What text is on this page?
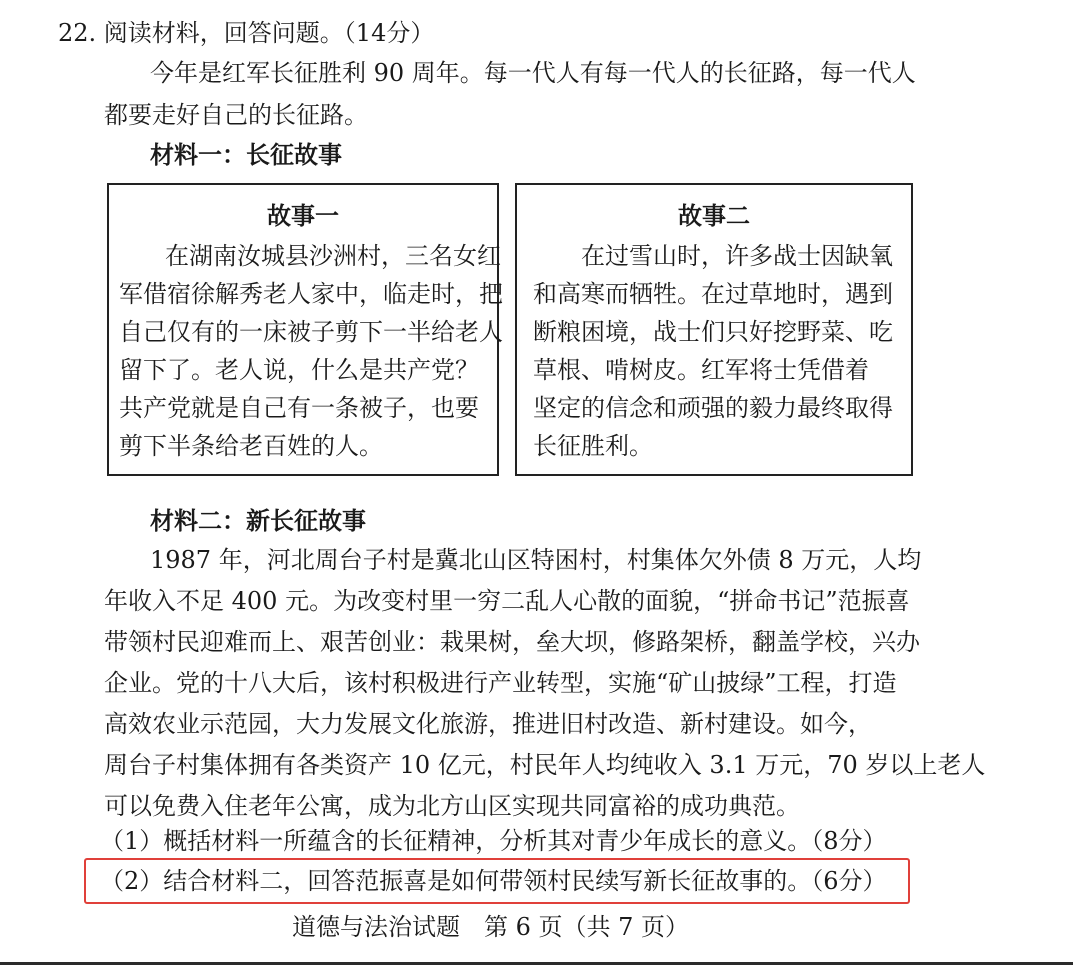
22. 阅读材料，回答问题。（14分）
今年是红军长征胜利 90 周年。每一代人有每一代人的长征路，每一代人
都要走好自己的长征路。
材料一：长征故事
故事一
在湖南汝城县沙洲村，三名女红
军借宿徐解秀老人家中，临走时，把
自己仅有的一床被子剪下一半给老人
留下了。老人说，什么是共产党？
共产党就是自己有一条被子，也要
剪下半条给老百姓的人。
故事二
在过雪山时，许多战士因缺氧
和高寒而牺牲。在过草地时，遇到
断粮困境，战士们只好挖野菜、吃
草根、啃树皮。红军将士凭借着
坚定的信念和顽强的毅力最终取得
长征胜利。
材料二：新长征故事
1987 年，河北周台子村是冀北山区特困村，村集体欠外债 8 万元，人均
年收入不足 400 元。为改变村里一穷二乱人心散的面貌，“拼命书记”范振喜
带领村民迎难而上、艰苦创业：栽果树，垒大坝，修路架桥，翻盖学校，兴办
企业。党的十八大后，该村积极进行产业转型，实施“矿山披绿”工程，打造
高效农业示范园，大力发展文化旅游，推进旧村改造、新村建设。如今，
周台子村集体拥有各类资产 10 亿元，村民年人均纯收入 3.1 万元，70 岁以上老人
可以免费入住老年公寓，成为北方山区实现共同富裕的成功典范。
（1）概括材料一所蕴含的长征精神，分析其对青少年成长的意义。（8分）
（2）结合材料二，回答范振喜是如何带领村民续写新长征故事的。（6分）
道德与法治试题　第 6 页（共 7 页）
